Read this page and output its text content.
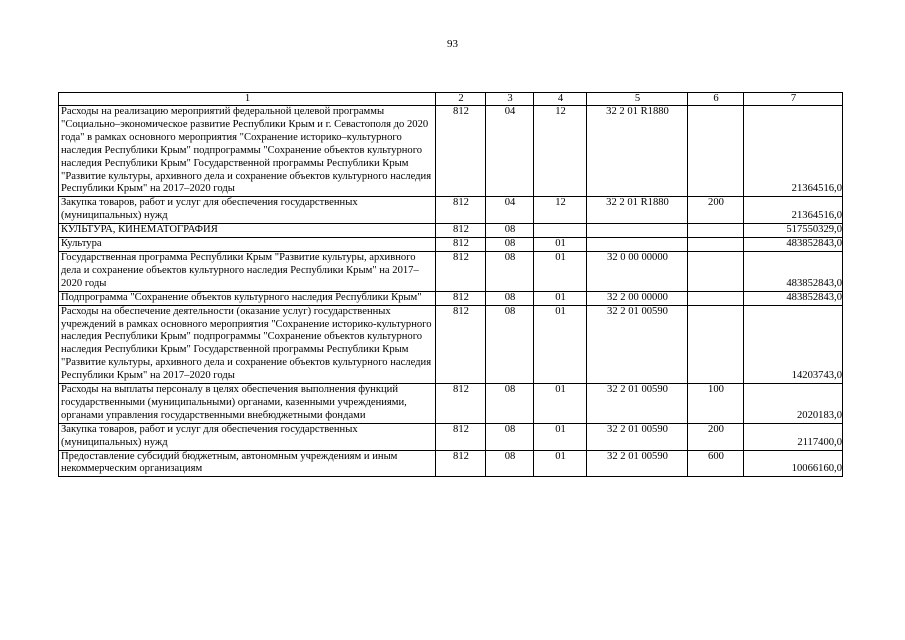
93
1	2	3	4	5	6	7
Расходы на реализацию мероприятий федеральной целевой программы "Социально–экономическое развитие Республики Крым и г. Севастополя до 2020 года" в рамках основного мероприятия "Сохранение историко–культурного наследия Республики Крым" подпрограммы "Сохранение объектов культурного наследия Республики Крым" Государственной программы Республики Крым "Развитие культуры, архивного дела и сохранение объектов культурного наследия Республики Крым" на 2017–2020 годы	812	04	12	32 2 01 R1880		21364516,0
Закупка товаров, работ и услуг для обеспечения государственных (муниципальных) нужд	812	04	12	32 2 01 R1880	200	21364516,0
КУЛЬТУРА, КИНЕМАТОГРАФИЯ	812	08				517550329,0
Культура	812	08	01			483852843,0
Государственная программа Республики Крым "Развитие культуры, архивного дела и сохранение объектов культурного наследия Республики Крым" на 2017–2020 годы	812	08	01	32 0 00 00000		483852843,0
Подпрограмма "Сохранение объектов культурного наследия Республики Крым"	812	08	01	32 2 00 00000		483852843,0
Расходы на обеспечение деятельности (оказание услуг) государственных учреждений в рамках основного мероприятия "Сохранение историко-культурного наследия Республики Крым" подпрограммы "Сохранение объектов культурного наследия Республики Крым" Государственной программы Республики Крым "Развитие культуры, архивного дела и сохранение объектов культурного наследия Республики Крым" на 2017–2020 годы	812	08	01	32 2 01 00590		14203743,0
Расходы на выплаты персоналу в целях обеспечения выполнения функций государственными (муниципальными) органами, казенными учреждениями, органами управления государственными внебюджетными фондами	812	08	01	32 2 01 00590	100	2020183,0
Закупка товаров, работ и услуг для обеспечения государственных (муниципальных) нужд	812	08	01	32 2 01 00590	200	2117400,0
Предоставление субсидий бюджетным, автономным учреждениям и иным некоммерческим организациям	812	08	01	32 2 01 00590	600	10066160,0
